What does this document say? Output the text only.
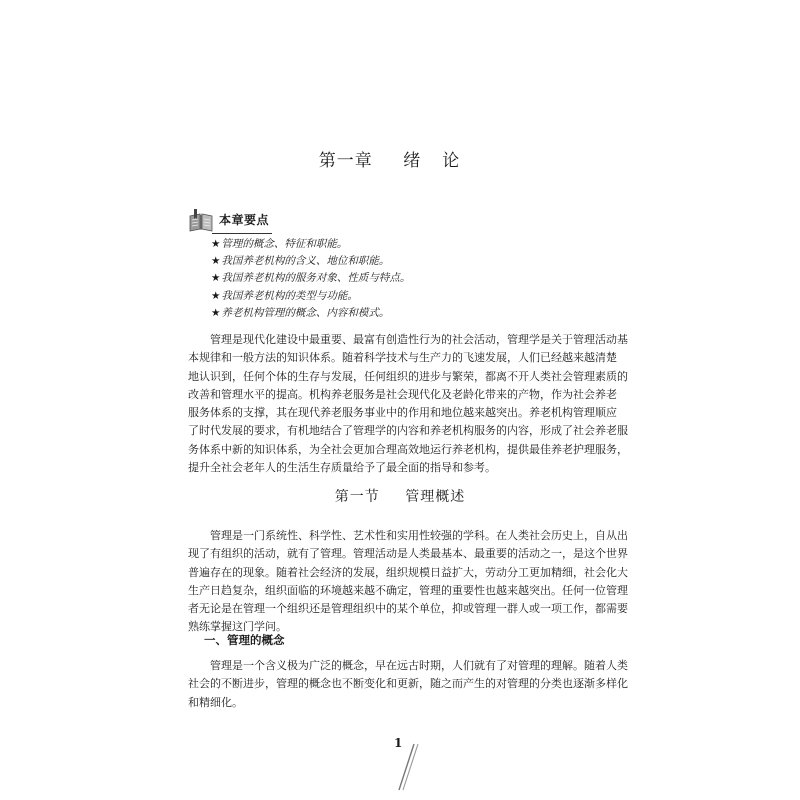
第一章 绪论
本章要点
★管理的概念、特征和职能。
★我国养老机构的含义、地位和职能。
★我国养老机构的服务对象、性质与特点。
★我国养老机构的类型与功能。
★养老机构管理的概念、内容和模式。
管理是现代化建设中最重要、最富有创造性行为的社会活动，管理学是关于管理活动基
本规律和一般方法的知识体系。随着科学技术与生产力的飞速发展，人们已经越来越清楚
地认识到，任何个体的生存与发展，任何组织的进步与繁荣，都离不开人类社会管理素质的
改善和管理水平的提高。机构养老服务是社会现代化及老龄化带来的产物，作为社会养老
服务体系的支撑，其在现代养老服务事业中的作用和地位越来越突出。养老机构管理顺应
了时代发展的要求，有机地结合了管理学的内容和养老机构服务的内容，形成了社会养老服
务体系中新的知识体系，为全社会更加合理高效地运行养老机构，提供最佳养老护理服务，
提升全社会老年人的生活生存质量给予了最全面的指导和参考。
第一节 管理概述
管理是一门系统性、科学性、艺术性和实用性较强的学科。在人类社会历史上，自从出
现了有组织的活动，就有了管理。管理活动是人类最基本、最重要的活动之一，是这个世界
普遍存在的现象。随着社会经济的发展，组织规模日益扩大，劳动分工更加精细，社会化大
生产日趋复杂，组织面临的环境越来越不确定，管理的重要性也越来越突出。任何一位管理
者无论是在管理一个组织还是管理组织中的某个单位，抑或管理一群人或一项工作，都需要
熟练掌握这门学问。
一、管理的概念
管理是一个含义极为广泛的概念，早在远古时期，人们就有了对管理的理解。随着人类
社会的不断进步，管理的概念也不断变化和更新，随之而产生的对管理的分类也逐渐多样化
和精细化。
1
